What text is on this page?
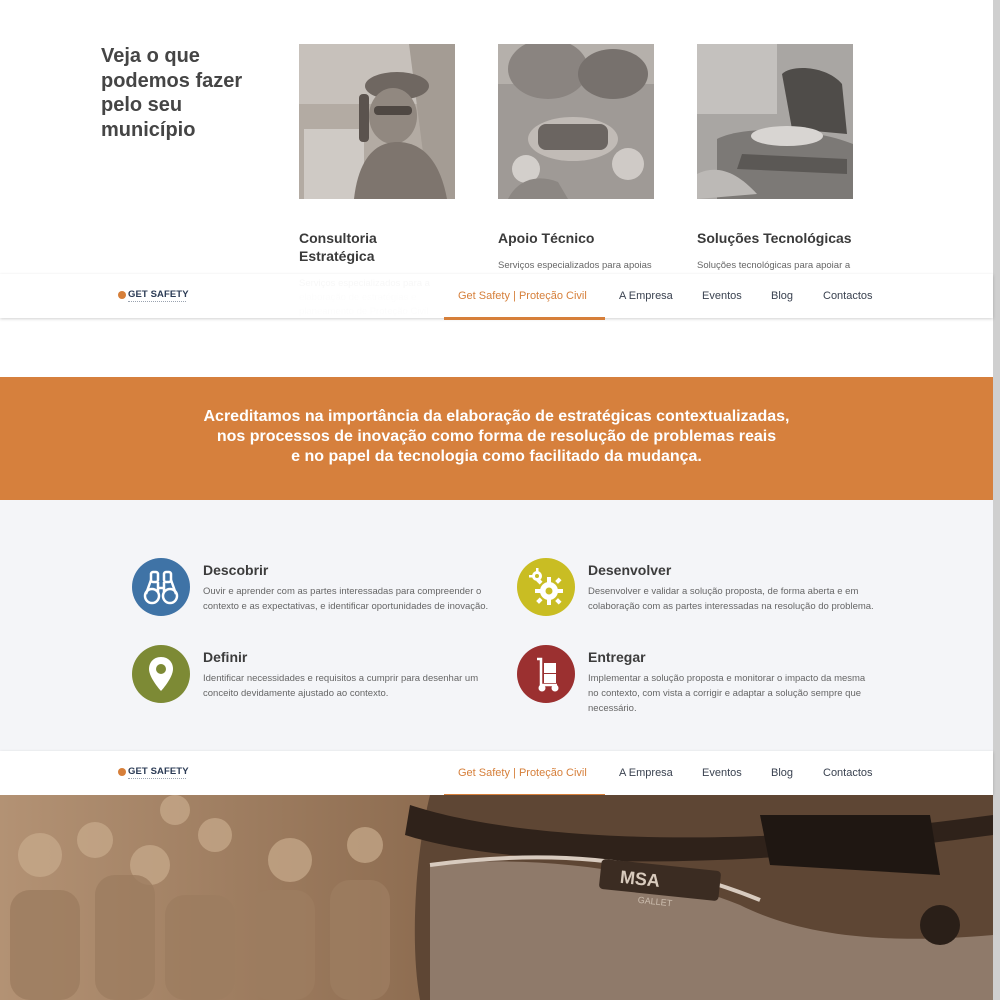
Veja o que
podemos fazer
pelo seu
município
Consultoria Estratégica

Apoio Técnico

Serviços especializados para apoias

Soluções Tecnológicas

Soluções tecnológicas para apoiar a

GET SAFETY	Get Safety | Proteção Civil	A Empresa	Eventos	Blog	Contactos
Acreditamos na importância da elaboração de estratégicas contextualizadas,
nos processos de inovação como forma de resolução de problemas reais
e no papel da tecnologia como facilitado da mudança.
Descobrir
Ouvir e aprender com as partes interessadas para compreender o
contexto e as expectativas, e identificar oportunidades de inovação.
Desenvolver
Desenvolver e validar a solução proposta, de forma aberta e em
colaboração com as partes interessadas na resolução do problema.
Definir
Identificar necessidades e requisitos a cumprir para desenhar um
conceito devidamente ajustado ao contexto.
Entregar
Implementar a solução proposta e monitorar o impacto da mesma
no contexto, com vista a corrigir e adaptar a solução sempre que
necessário.
GET SAFETY	Get Safety | Proteção Civil	A Empresa	Eventos	Blog	Contactos
MSA
GALLET
